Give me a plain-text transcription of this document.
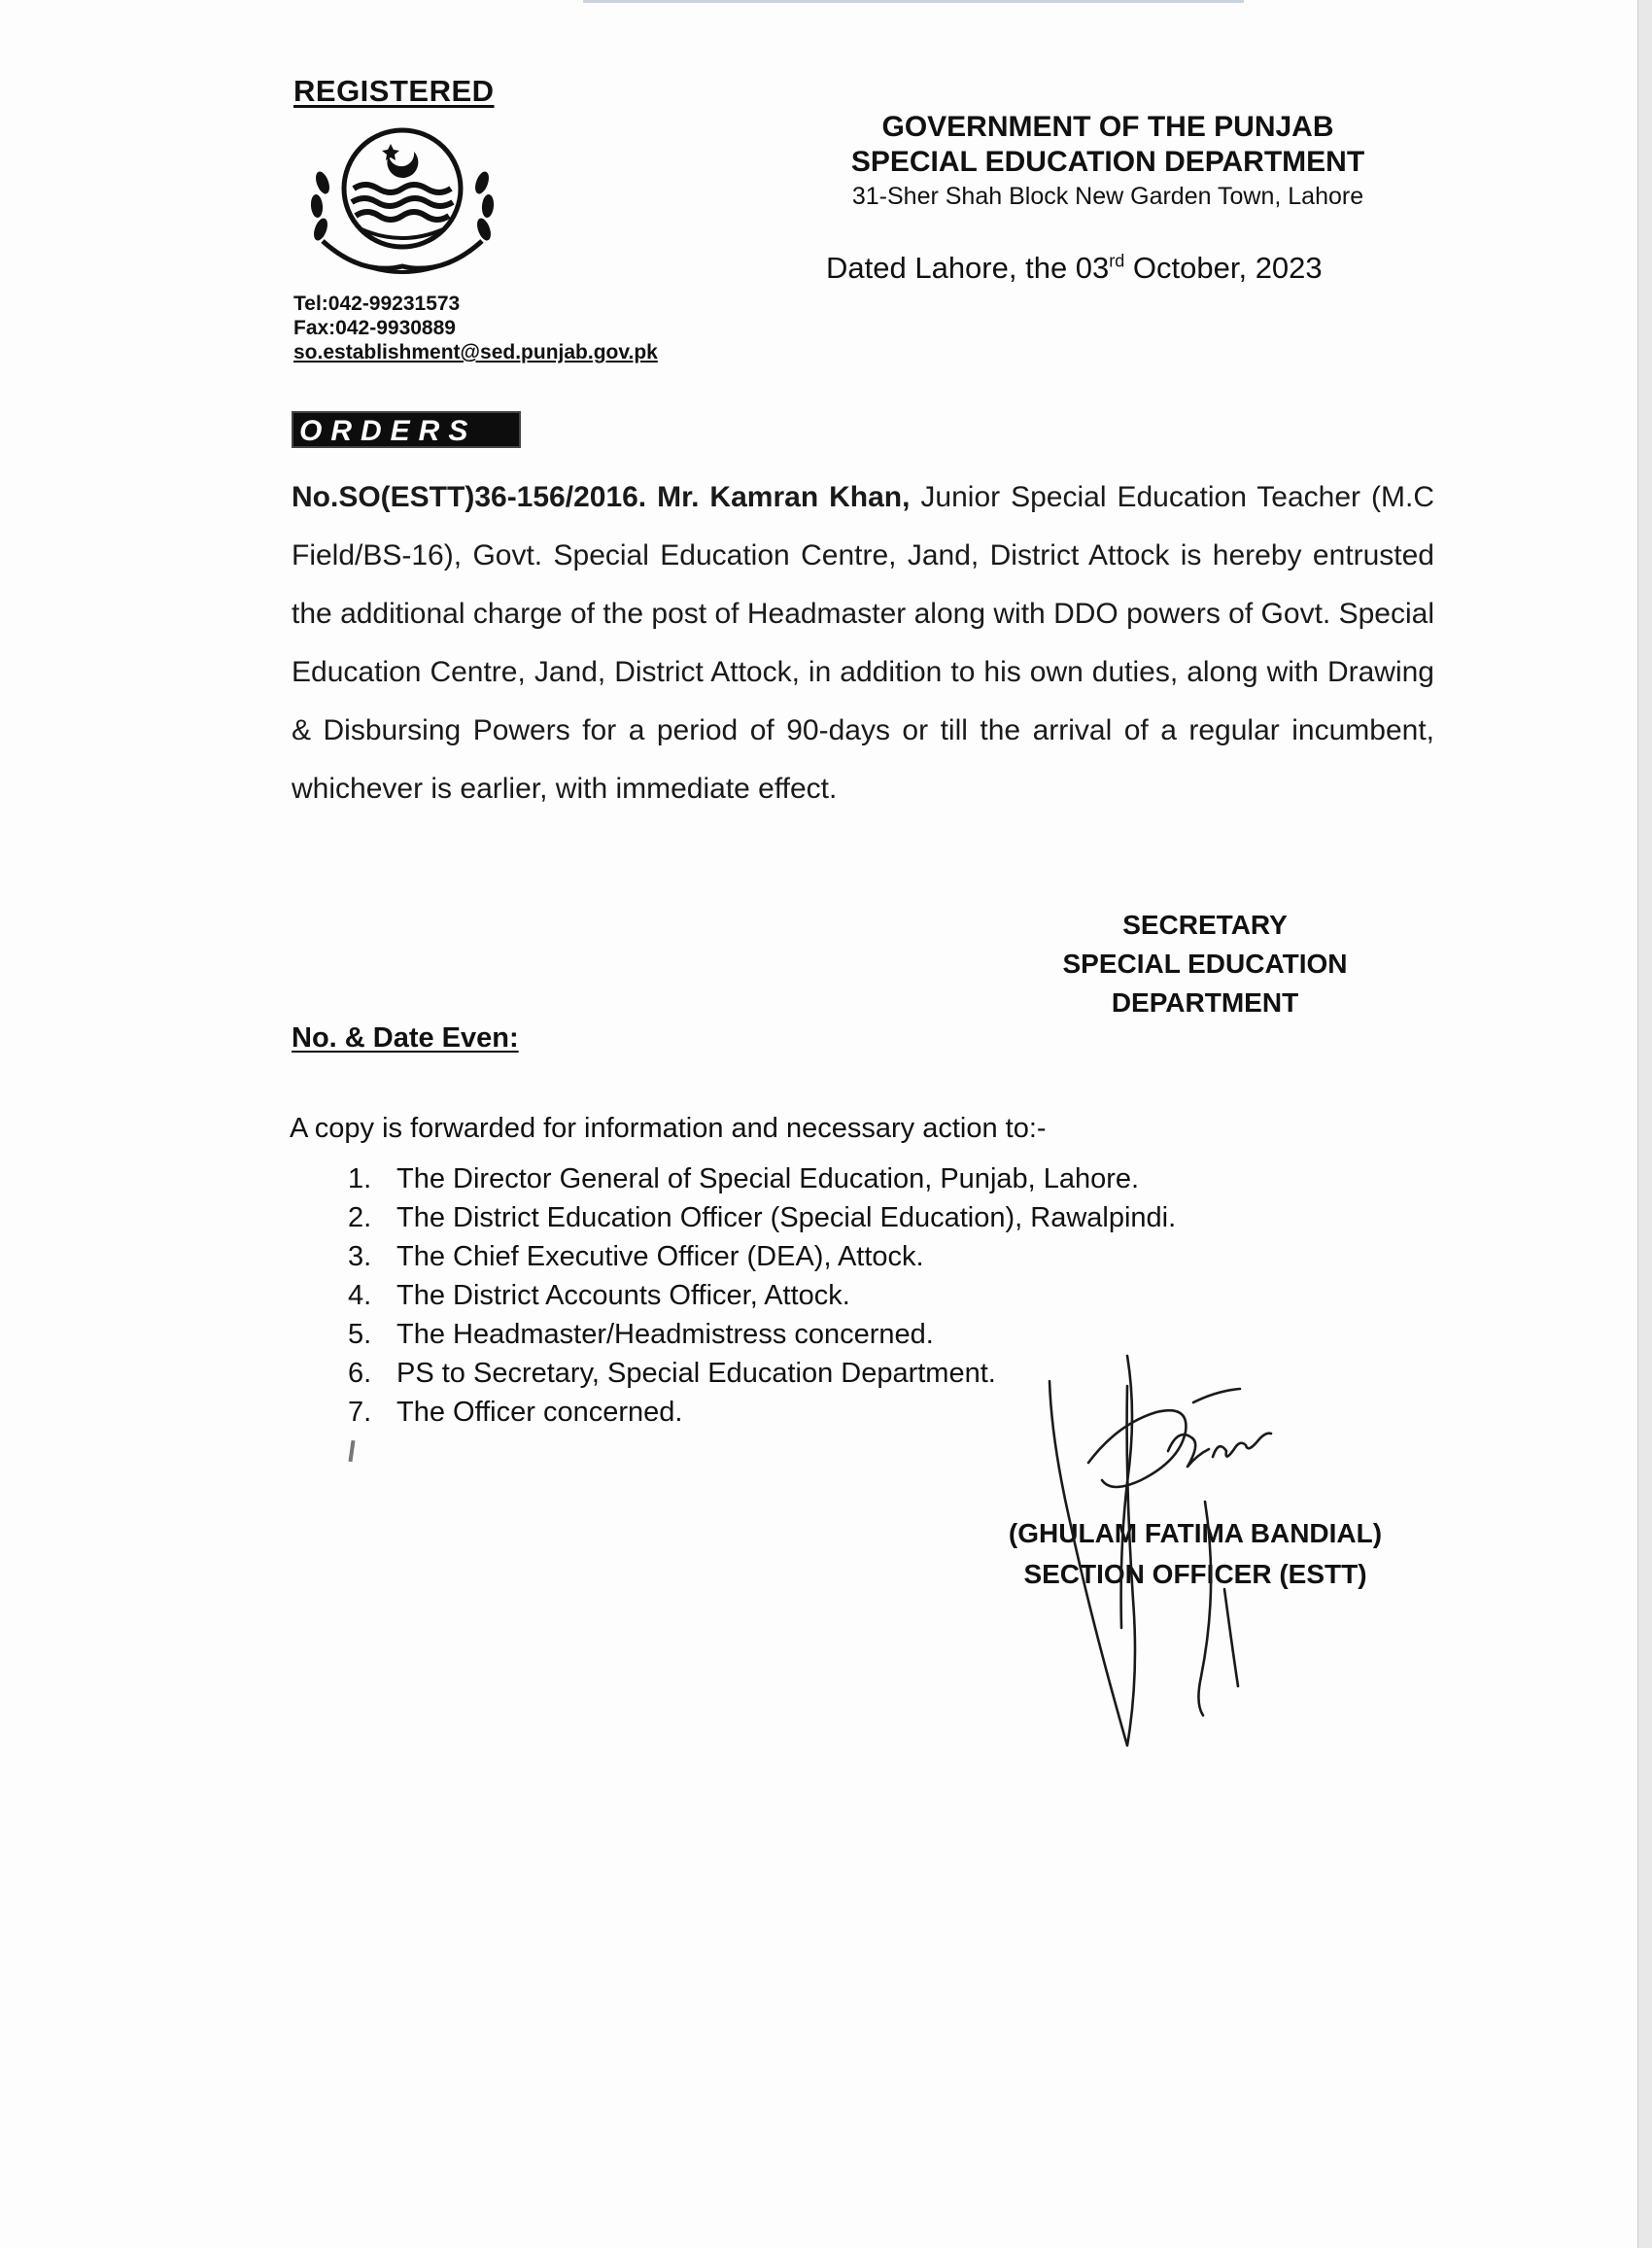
REGISTERED
Tel:042-99231573
Fax:042-9930889
so.establishment@sed.punjab.gov.pk
GOVERNMENT OF THE PUNJAB
SPECIAL EDUCATION DEPARTMENT
31-Sher Shah Block New Garden Town, Lahore
Dated Lahore, the 03rd October, 2023
ORDERS
No.SO(ESTT)36-156/2016. Mr. Kamran Khan, Junior Special Education Teacher (M.C Field/BS-16), Govt. Special Education Centre, Jand, District Attock is hereby entrusted the additional charge of the post of Headmaster along with DDO powers of Govt. Special Education Centre, Jand, District Attock, in addition to his own duties, along with Drawing & Disbursing Powers for a period of 90-days or till the arrival of a regular incumbent, whichever is earlier, with immediate effect.
SECRETARY
SPECIAL EDUCATION
DEPARTMENT
No. & Date Even:
A copy is forwarded for information and necessary action to:-
1. The Director General of Special Education, Punjab, Lahore.
2. The District Education Officer (Special Education), Rawalpindi.
3. The Chief Executive Officer (DEA), Attock.
4. The District Accounts Officer, Attock.
5. The Headmaster/Headmistress concerned.
6. PS to Secretary, Special Education Department.
7. The Officer concerned.
(GHULAM FATIMA BANDIAL)
SECTION OFFICER (ESTT)
